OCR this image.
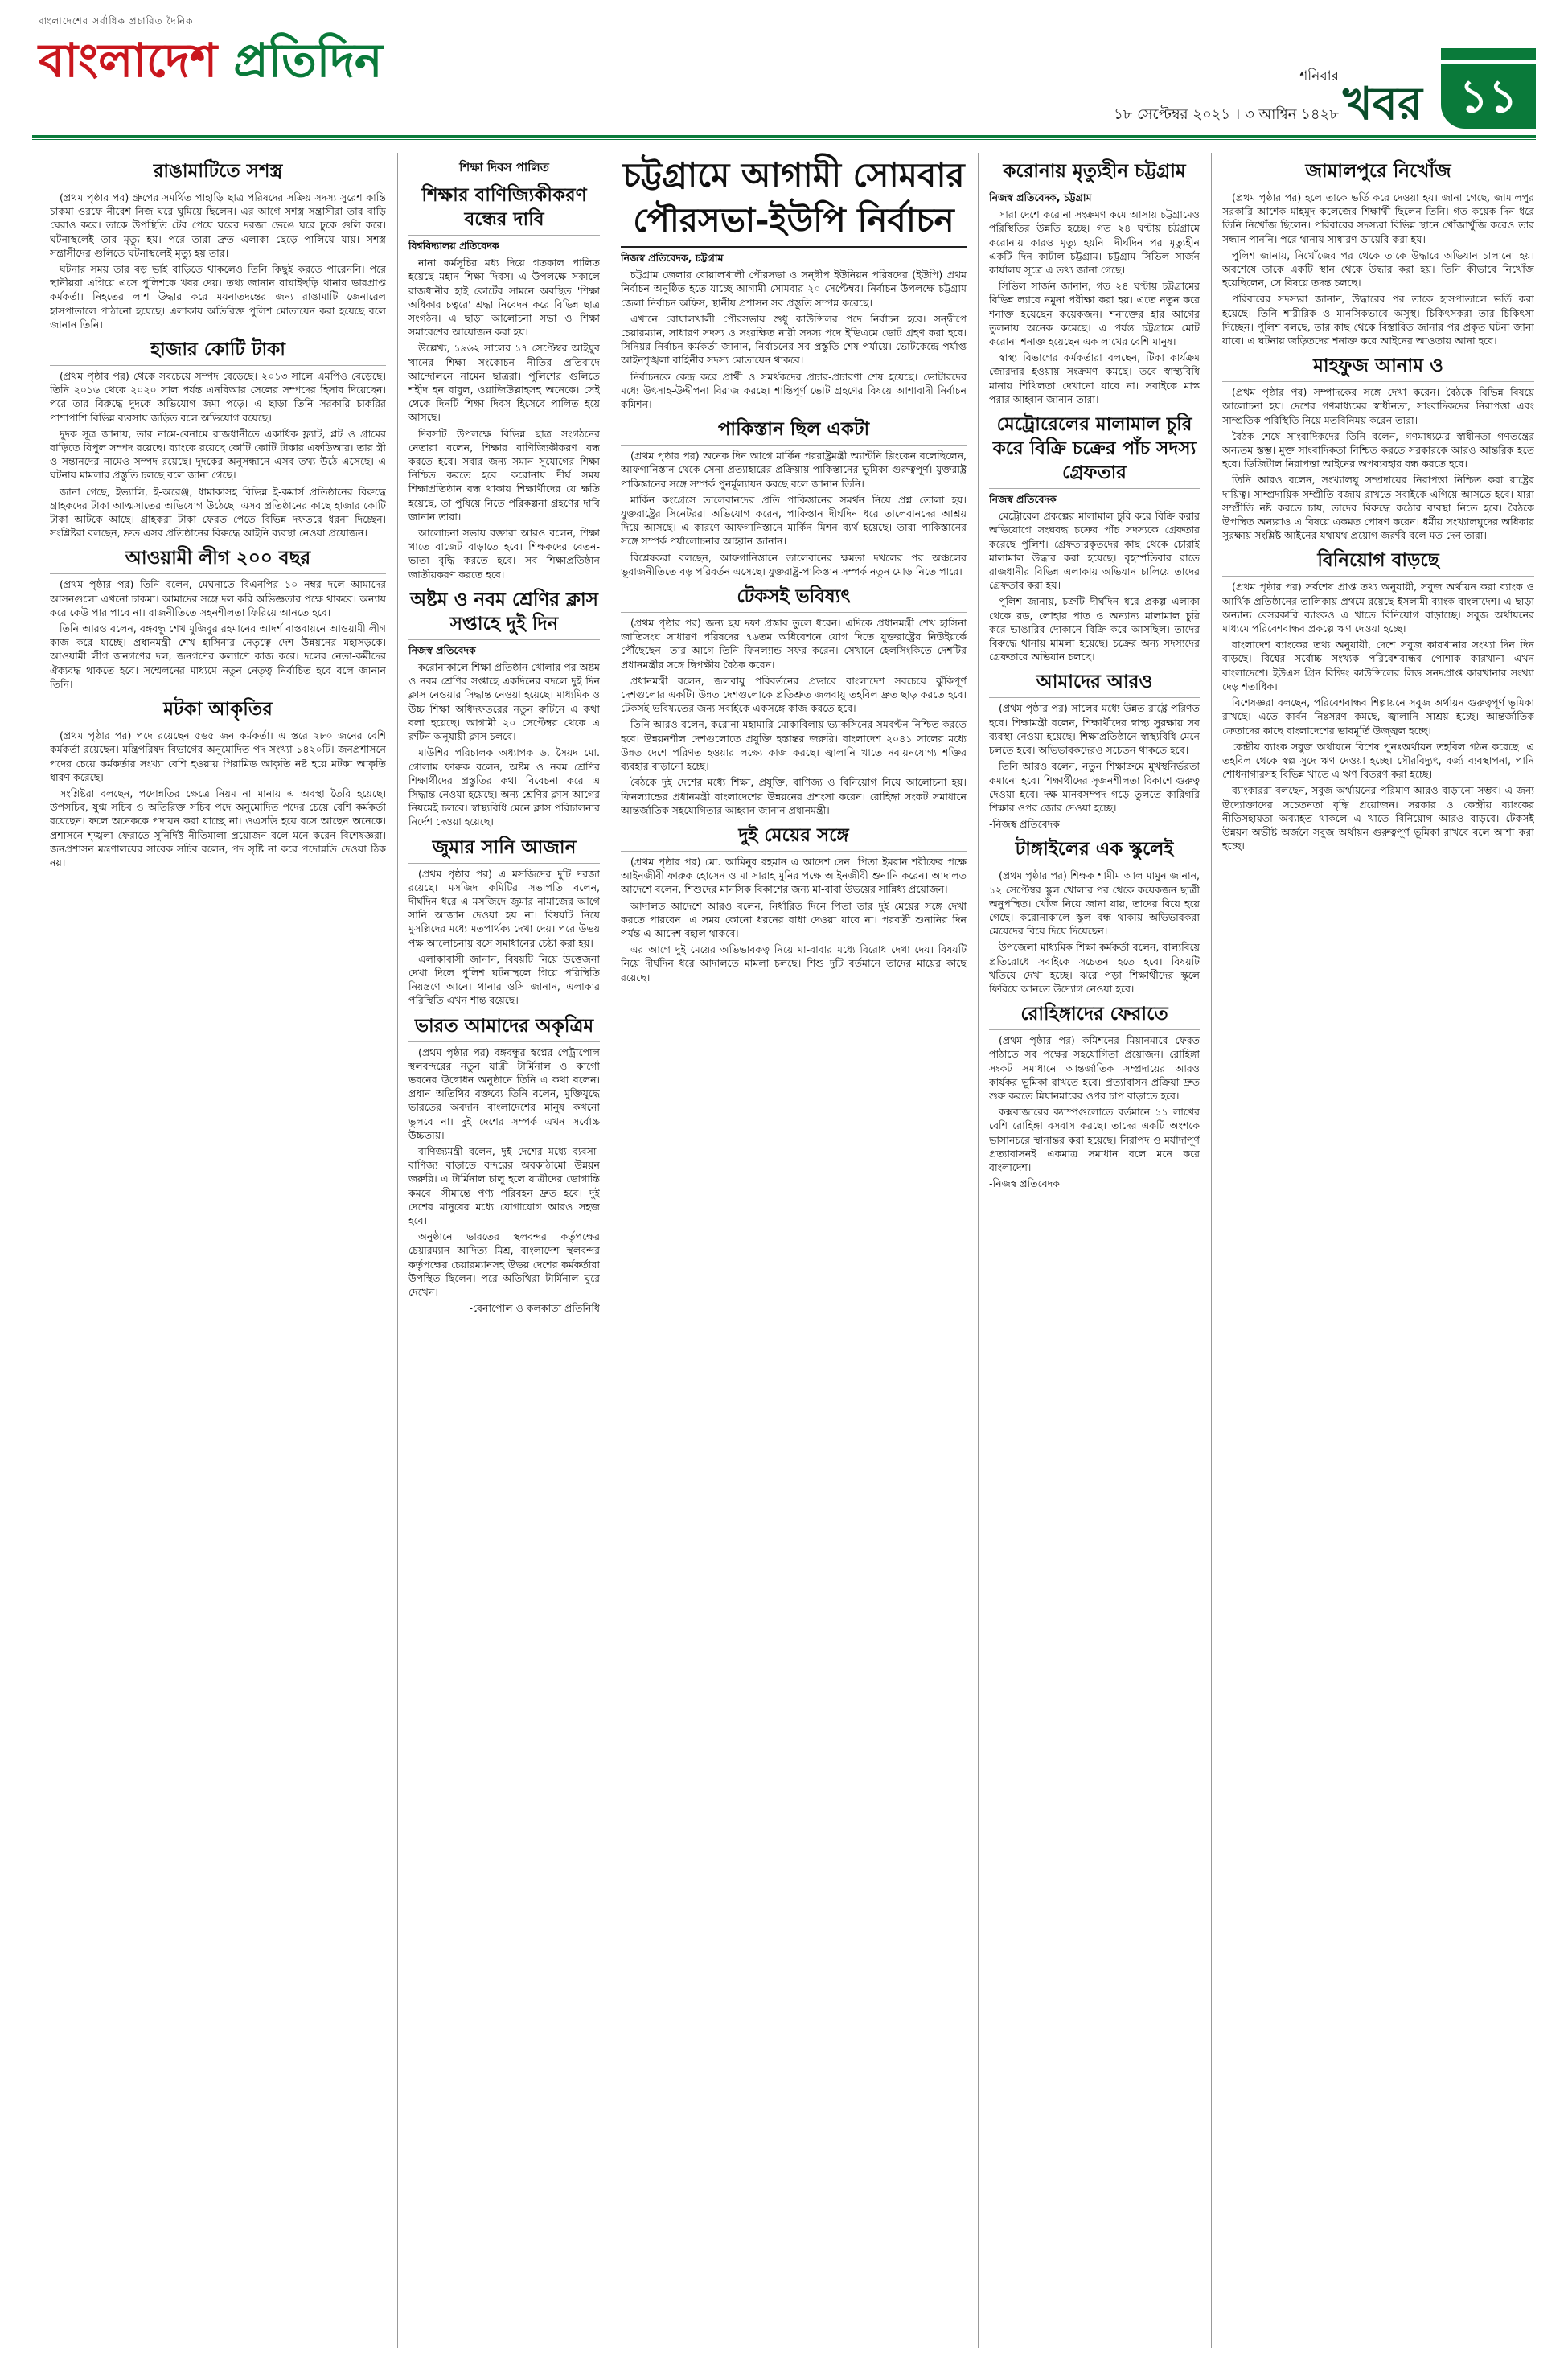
বাংলাদেশের সর্বাধিক প্রচারিত দৈনিক
বাংলাদেশ প্রতিদিন	শনিবার
১৮ সেপ্টেম্বর ২০২১ । ৩ আশ্বিন ১৪২৮ খবর ১১
রাঙামাটিতে সশস্ত্র

(প্রথম পৃষ্ঠার পর) গ্রুপের সমর্থিত পাহাড়ি ছাত্র পরিষদের সক্রিয় সদস্য সুরেশ কান্তি চাকমা ওরফে নীরেশ নিজ ঘরে ঘুমিয়ে ছিলেন। এর আগে সশস্ত্র সন্ত্রাসীরা তার বাড়ি ঘেরাও করে। তাকে উপস্থিতি টের পেয়ে ঘরের দরজা ভেঙে ঘরে ঢুকে গুলি করে। ঘটনাস্থলেই তার মৃত্যু হয়। পরে তারা দ্রুত এলাকা ছেড়ে পালিয়ে যায়। সশস্ত্র সন্ত্রাসীদের গুলিতে ঘটনাস্থলেই মৃত্যু হয় তার।

ঘটনার সময় তার বড় ভাই বাড়িতে থাকলেও তিনি কিছুই করতে পারেননি। পরে স্থানীয়রা এগিয়ে এসে পুলিশকে খবর দেয়। তথ্য জানান বাঘাইছড়ি থানার ভারপ্রাপ্ত কর্মকর্তা। নিহতের লাশ উদ্ধার করে ময়নাতদন্তের জন্য রাঙামাটি জেনারেল হাসপাতালে পাঠানো হয়েছে। এলাকায় অতিরিক্ত পুলিশ মোতায়েন করা হয়েছে বলে জানান তিনি।

হাজার কোটি টাকা

(প্রথম পৃষ্ঠার পর) থেকে সবচেয়ে সম্পদ বেড়েছে। ২০১৩ সালে এমপিও বেড়েছে। তিনি ২০১৬ থেকে ২০২০ সাল পর্যন্ত এনবিআর সেলের সম্পদের হিসাব দিয়েছেন। পরে তার বিরুদ্ধে দুদকে অভিযোগ জমা পড়ে। এ ছাড়া তিনি সরকারি চাকরির পাশাপাশি বিভিন্ন ব্যবসায় জড়িত বলে অভিযোগ রয়েছে।

দুদক সূত্র জানায়, তার নামে-বেনামে রাজধানীতে একাধিক ফ্ল্যাট, প্লট ও গ্রামের বাড়িতে বিপুল সম্পদ রয়েছে। ব্যাংকে রয়েছে কোটি কোটি টাকার এফডিআর। তার স্ত্রী ও সন্তানদের নামেও সম্পদ রয়েছে। দুদকের অনুসন্ধানে এসব তথ্য উঠে এসেছে। এ ঘটনায় মামলার প্রস্তুতি চলছে বলে জানা গেছে।

জানা গেছে, ইভ্যালি, ই-অরেঞ্জ, ধামাকাসহ বিভিন্ন ই-কমার্স প্রতিষ্ঠানের বিরুদ্ধে গ্রাহকদের টাকা আত্মসাতের অভিযোগ উঠেছে। এসব প্রতিষ্ঠানের কাছে হাজার কোটি টাকা আটকে আছে। গ্রাহকরা টাকা ফেরত পেতে বিভিন্ন দফতরে ধরনা দিচ্ছেন। সংশ্লিষ্টরা বলছেন, দ্রুত এসব প্রতিষ্ঠানের বিরুদ্ধে আইনি ব্যবস্থা নেওয়া প্রয়োজন।

আওয়ামী লীগ ২০০ বছর

(প্রথম পৃষ্ঠার পর) তিনি বলেন, মেঘনাতে বিএনপির ১০ নম্বর দলে আমাদের আসনগুলো এখনো চাকমা। আমাদের সঙ্গে দল করি অভিজ্ঞতার পক্ষে থাকবে। অন্যায় করে কেউ পার পাবে না। রাজনীতিতে সহনশীলতা ফিরিয়ে আনতে হবে।

তিনি আরও বলেন, বঙ্গবন্ধু শেখ মুজিবুর রহমানের আদর্শ বাস্তবায়নে আওয়ামী লীগ কাজ করে যাচ্ছে। প্রধানমন্ত্রী শেখ হাসিনার নেতৃত্বে দেশ উন্নয়নের মহাসড়কে। আওয়ামী লীগ জনগণের দল, জনগণের কল্যাণে কাজ করে। দলের নেতা-কর্মীদের ঐক্যবদ্ধ থাকতে হবে। সম্মেলনের মাধ্যমে নতুন নেতৃত্ব নির্বাচিত হবে বলে জানান তিনি।

মটকা আকৃতির

(প্রথম পৃষ্ঠার পর) পদে রয়েছেন ৫৬৫ জন কর্মকর্তা। এ স্তরে ২৮০ জনের বেশি কর্মকর্তা রয়েছেন। মন্ত্রিপরিষদ বিভাগের অনুমোদিত পদ সংখ্যা ১৪২০টি। জনপ্রশাসনে পদের চেয়ে কর্মকর্তার সংখ্যা বেশি হওয়ায় পিরামিড আকৃতি নষ্ট হয়ে মটকা আকৃতি ধারণ করেছে।

সংশ্লিষ্টরা বলছেন, পদোন্নতির ক্ষেত্রে নিয়ম না মানায় এ অবস্থা তৈরি হয়েছে। উপসচিব, যুগ্ম সচিব ও অতিরিক্ত সচিব পদে অনুমোদিত পদের চেয়ে বেশি কর্মকর্তা রয়েছেন। ফলে অনেককে পদায়ন করা যাচ্ছে না। ওএসডি হয়ে বসে আছেন অনেকে। প্রশাসনে শৃঙ্খলা ফেরাতে সুনির্দিষ্ট নীতিমালা প্রয়োজন বলে মনে করেন বিশেষজ্ঞরা। জনপ্রশাসন মন্ত্রণালয়ের সাবেক সচিব বলেন, পদ সৃষ্টি না করে পদোন্নতি দেওয়া ঠিক নয়।

শিক্ষা দিবস পালিত
শিক্ষার বাণিজ্যিকীকরণ বন্ধের দাবি
বিশ্ববিদ্যালয় প্রতিবেদক

নানা কর্মসূচির মধ্য দিয়ে গতকাল পালিত হয়েছে মহান শিক্ষা দিবস। এ উপলক্ষে সকালে রাজধানীর হাই কোর্টের সামনে অবস্থিত 'শিক্ষা অধিকার চত্বরে' শ্রদ্ধা নিবেদন করে বিভিন্ন ছাত্র সংগঠন। এ ছাড়া আলোচনা সভা ও শিক্ষা সমাবেশের আয়োজন করা হয়।

উল্লেখ্য, ১৯৬২ সালের ১৭ সেপ্টেম্বর আইয়ুব খানের শিক্ষা সংকোচন নীতির প্রতিবাদে আন্দোলনে নামেন ছাত্ররা। পুলিশের গুলিতে শহীদ হন বাবুল, ওয়াজিউল্লাহসহ অনেকে। সেই থেকে দিনটি শিক্ষা দিবস হিসেবে পালিত হয়ে আসছে।

দিবসটি উপলক্ষে বিভিন্ন ছাত্র সংগঠনের নেতারা বলেন, শিক্ষার বাণিজ্যিকীকরণ বন্ধ করতে হবে। সবার জন্য সমান সুযোগের শিক্ষা নিশ্চিত করতে হবে। করোনায় দীর্ঘ সময় শিক্ষাপ্রতিষ্ঠান বন্ধ থাকায় শিক্ষার্থীদের যে ক্ষতি হয়েছে, তা পুষিয়ে নিতে পরিকল্পনা গ্রহণের দাবি জানান তারা।

আলোচনা সভায় বক্তারা আরও বলেন, শিক্ষা খাতে বাজেট বাড়াতে হবে। শিক্ষকদের বেতন-ভাতা বৃদ্ধি করতে হবে। সব শিক্ষাপ্রতিষ্ঠান জাতীয়করণ করতে হবে।

অষ্টম ও নবম শ্রেণির ক্লাস সপ্তাহে দুই দিন
নিজস্ব প্রতিবেদক

করোনাকালে শিক্ষা প্রতিষ্ঠান খোলার পর অষ্টম ও নবম শ্রেণির সপ্তাহে একদিনের বদলে দুই দিন ক্লাস নেওয়ার সিদ্ধান্ত নেওয়া হয়েছে। মাধ্যমিক ও উচ্চ শিক্ষা অধিদফতরের নতুন রুটিনে এ কথা বলা হয়েছে। আগামী ২০ সেপ্টেম্বর থেকে এ রুটিন অনুযায়ী ক্লাস চলবে।

মাউশির পরিচালক অধ্যাপক ড. সৈয়দ মো. গোলাম ফারুক বলেন, অষ্টম ও নবম শ্রেণির শিক্ষার্থীদের প্রস্তুতির কথা বিবেচনা করে এ সিদ্ধান্ত নেওয়া হয়েছে। অন্য শ্রেণির ক্লাস আগের নিয়মেই চলবে। স্বাস্থ্যবিধি মেনে ক্লাস পরিচালনার নির্দেশ দেওয়া হয়েছে।

জুমার সানি আজান

(প্রথম পৃষ্ঠার পর) এ মসজিদের দুটি দরজা রয়েছে। মসজিদ কমিটির সভাপতি বলেন, দীর্ঘদিন ধরে এ মসজিদে জুমার নামাজের আগে সানি আজান দেওয়া হয় না। বিষয়টি নিয়ে মুসল্লিদের মধ্যে মতপার্থক্য দেখা দেয়। পরে উভয় পক্ষ আলোচনায় বসে সমাধানের চেষ্টা করা হয়।

এলাকাবাসী জানান, বিষয়টি নিয়ে উত্তেজনা দেখা দিলে পুলিশ ঘটনাস্থলে গিয়ে পরিস্থিতি নিয়ন্ত্রণে আনে। থানার ওসি জানান, এলাকার পরিস্থিতি এখন শান্ত রয়েছে।

ভারত আমাদের অকৃত্রিম

(প্রথম পৃষ্ঠার পর) বঙ্গবন্ধুর স্বপ্নের পেট্রাপোল স্থলবন্দরের নতুন যাত্রী টার্মিনাল ও কার্গো ভবনের উদ্বোধন অনুষ্ঠানে তিনি এ কথা বলেন। প্রধান অতিথির বক্তব্যে তিনি বলেন, মুক্তিযুদ্ধে ভারতের অবদান বাংলাদেশের মানুষ কখনো ভুলবে না। দুই দেশের সম্পর্ক এখন সর্বোচ্চ উচ্চতায়।

বাণিজ্যমন্ত্রী বলেন, দুই দেশের মধ্যে ব্যবসা-বাণিজ্য বাড়াতে বন্দরের অবকাঠামো উন্নয়ন জরুরি। এ টার্মিনাল চালু হলে যাত্রীদের ভোগান্তি কমবে। সীমান্তে পণ্য পরিবহন দ্রুত হবে। দুই দেশের মানুষের মধ্যে যোগাযোগ আরও সহজ হবে।

অনুষ্ঠানে ভারতের স্থলবন্দর কর্তৃপক্ষের চেয়ারম্যান আদিত্য মিশ্র, বাংলাদেশ স্থলবন্দর কর্তৃপক্ষের চেয়ারম্যানসহ উভয় দেশের কর্মকর্তারা উপস্থিত ছিলেন। পরে অতিথিরা টার্মিনাল ঘুরে দেখেন।

-বেনাপোল ও কলকাতা প্রতিনিধি

চট্টগ্রামে আগামী সোমবার পৌরসভা-ইউপি নির্বাচন
নিজস্ব প্রতিবেদক, চট্টগ্রাম

চট্টগ্রাম জেলার বোয়ালখালী পৌরসভা ও সন্দ্বীপ ইউনিয়ন পরিষদের (ইউপি) প্রথম নির্বাচন অনুষ্ঠিত হতে যাচ্ছে আগামী সোমবার ২০ সেপ্টেম্বর। নির্বাচন উপলক্ষে চট্টগ্রাম জেলা নির্বাচন অফিস, স্থানীয় প্রশাসন সব প্রস্তুতি সম্পন্ন করেছে।

এখানে বোয়ালখালী পৌরসভায় শুধু কাউন্সিলর পদে নির্বাচন হবে। সন্দ্বীপে চেয়ারম্যান, সাধারণ সদস্য ও সংরক্ষিত নারী সদস্য পদে ইভিএমে ভোট গ্রহণ করা হবে। সিনিয়র নির্বাচন কর্মকর্তা জানান, নির্বাচনের সব প্রস্তুতি শেষ পর্যায়ে। ভোটকেন্দ্রে পর্যাপ্ত আইনশৃঙ্খলা বাহিনীর সদস্য মোতায়েন থাকবে।

নির্বাচনকে কেন্দ্র করে প্রার্থী ও সমর্থকদের প্রচার-প্রচারণা শেষ হয়েছে। ভোটারদের মধ্যে উৎসাহ-উদ্দীপনা বিরাজ করছে। শান্তিপূর্ণ ভোট গ্রহণের বিষয়ে আশাবাদী নির্বাচন কমিশন।

পাকিস্তান ছিল একটা

(প্রথম পৃষ্ঠার পর) অনেক দিন আগে মার্কিন পররাষ্ট্রমন্ত্রী অ্যান্টনি ব্লিংকেন বলেছিলেন, আফগানিস্তান থেকে সেনা প্রত্যাহারের প্রক্রিয়ায় পাকিস্তানের ভূমিকা গুরুত্বপূর্ণ। যুক্তরাষ্ট্র পাকিস্তানের সঙ্গে সম্পর্ক পুনর্মূল্যায়ন করছে বলে জানান তিনি।

মার্কিন কংগ্রেসে তালেবানদের প্রতি পাকিস্তানের সমর্থন নিয়ে প্রশ্ন তোলা হয়। যুক্তরাষ্ট্রের সিনেটররা অভিযোগ করেন, পাকিস্তান দীর্ঘদিন ধরে তালেবানদের আশ্রয় দিয়ে আসছে। এ কারণে আফগানিস্তানে মার্কিন মিশন ব্যর্থ হয়েছে। তারা পাকিস্তানের সঙ্গে সম্পর্ক পর্যালোচনার আহ্বান জানান।

বিশ্লেষকরা বলছেন, আফগানিস্তানে তালেবানের ক্ষমতা দখলের পর অঞ্চলের ভূরাজনীতিতে বড় পরিবর্তন এসেছে। যুক্তরাষ্ট্র-পাকিস্তান সম্পর্ক নতুন মোড় নিতে পারে।

টেকসই ভবিষ্যৎ

(প্রথম পৃষ্ঠার পর) জন্য ছয় দফা প্রস্তাব তুলে ধরেন। এদিকে প্রধানমন্ত্রী শেখ হাসিনা জাতিসংঘ সাধারণ পরিষদের ৭৬তম অধিবেশনে যোগ দিতে যুক্তরাষ্ট্রের নিউইয়র্কে পৌঁছেছেন। তার আগে তিনি ফিনল্যান্ড সফর করেন। সেখানে হেলসিংকিতে দেশটির প্রধানমন্ত্রীর সঙ্গে দ্বিপক্ষীয় বৈঠক করেন।

প্রধানমন্ত্রী বলেন, জলবায়ু পরিবর্তনের প্রভাবে বাংলাদেশ সবচেয়ে ঝুঁকিপূর্ণ দেশগুলোর একটি। উন্নত দেশগুলোকে প্রতিশ্রুত জলবায়ু তহবিল দ্রুত ছাড় করতে হবে। টেকসই ভবিষ্যতের জন্য সবাইকে একসঙ্গে কাজ করতে হবে।

তিনি আরও বলেন, করোনা মহামারি মোকাবিলায় ভ্যাকসিনের সমবণ্টন নিশ্চিত করতে হবে। উন্নয়নশীল দেশগুলোতে প্রযুক্তি হস্তান্তর জরুরি। বাংলাদেশ ২০৪১ সালের মধ্যে উন্নত দেশে পরিণত হওয়ার লক্ষ্যে কাজ করছে। জ্বালানি খাতে নবায়নযোগ্য শক্তির ব্যবহার বাড়ানো হচ্ছে।

বৈঠকে দুই দেশের মধ্যে শিক্ষা, প্রযুক্তি, বাণিজ্য ও বিনিয়োগ নিয়ে আলোচনা হয়। ফিনল্যান্ডের প্রধানমন্ত্রী বাংলাদেশের উন্নয়নের প্রশংসা করেন। রোহিঙ্গা সংকট সমাধানে আন্তর্জাতিক সহযোগিতার আহ্বান জানান প্রধানমন্ত্রী।

দুই মেয়ের সঙ্গে

(প্রথম পৃষ্ঠার পর) মো. আমিনুর রহমান এ আদেশ দেন। পিতা ইমরান শরীফের পক্ষে আইনজীবী ফারুক হোসেন ও মা সারাহ মুনির পক্ষে আইনজীবী শুনানি করেন। আদালত আদেশে বলেন, শিশুদের মানসিক বিকাশের জন্য মা-বাবা উভয়ের সান্নিধ্য প্রয়োজন।

আদালত আদেশে আরও বলেন, নির্ধারিত দিনে পিতা তার দুই মেয়ের সঙ্গে দেখা করতে পারবেন। এ সময় কোনো ধরনের বাধা দেওয়া যাবে না। পরবর্তী শুনানির দিন পর্যন্ত এ আদেশ বহাল থাকবে।

এর আগে দুই মেয়ের অভিভাবকত্ব নিয়ে মা-বাবার মধ্যে বিরোধ দেখা দেয়। বিষয়টি নিয়ে দীর্ঘদিন ধরে আদালতে মামলা চলছে। শিশু দুটি বর্তমানে তাদের মায়ের কাছে রয়েছে।

করোনায় মৃত্যুহীন চট্টগ্রাম
নিজস্ব প্রতিবেদক, চট্টগ্রাম

সারা দেশে করোনা সংক্রমণ কমে আসায় চট্টগ্রামেও পরিস্থিতির উন্নতি হচ্ছে। গত ২৪ ঘণ্টায় চট্টগ্রামে করোনায় কারও মৃত্যু হয়নি। দীর্ঘদিন পর মৃত্যুহীন একটি দিন কাটাল চট্টগ্রাম। চট্টগ্রাম সিভিল সার্জন কার্যালয় সূত্রে এ তথ্য জানা গেছে।

সিভিল সার্জন জানান, গত ২৪ ঘণ্টায় চট্টগ্রামের বিভিন্ন ল্যাবে নমুনা পরীক্ষা করা হয়। এতে নতুন করে শনাক্ত হয়েছেন কয়েকজন। শনাক্তের হার আগের তুলনায় অনেক কমেছে। এ পর্যন্ত চট্টগ্রামে মোট করোনা শনাক্ত হয়েছেন এক লাখের বেশি মানুষ।

স্বাস্থ্য বিভাগের কর্মকর্তারা বলছেন, টিকা কার্যক্রম জোরদার হওয়ায় সংক্রমণ কমছে। তবে স্বাস্থ্যবিধি মানায় শিথিলতা দেখানো যাবে না। সবাইকে মাস্ক পরার আহ্বান জানান তারা।

মেট্রোরেলের মালামাল চুরি করে বিক্রি চক্রের পাঁচ সদস্য গ্রেফতার
নিজস্ব প্রতিবেদক

মেট্রোরেল প্রকল্পের মালামাল চুরি করে বিক্রি করার অভিযোগে সংঘবদ্ধ চক্রের পাঁচ সদস্যকে গ্রেফতার করেছে পুলিশ। গ্রেফতারকৃতদের কাছ থেকে চোরাই মালামাল উদ্ধার করা হয়েছে। বৃহস্পতিবার রাতে রাজধানীর বিভিন্ন এলাকায় অভিযান চালিয়ে তাদের গ্রেফতার করা হয়।

পুলিশ জানায়, চক্রটি দীর্ঘদিন ধরে প্রকল্প এলাকা থেকে রড, লোহার পাত ও অন্যান্য মালামাল চুরি করে ভাঙারির দোকানে বিক্রি করে আসছিল। তাদের বিরুদ্ধে থানায় মামলা হয়েছে। চক্রের অন্য সদস্যদের গ্রেফতারে অভিযান চলছে।

আমাদের আরও

(প্রথম পৃষ্ঠার পর) সালের মধ্যে উন্নত রাষ্ট্রে পরিণত হবে। শিক্ষামন্ত্রী বলেন, শিক্ষার্থীদের স্বাস্থ্য সুরক্ষায় সব ব্যবস্থা নেওয়া হয়েছে। শিক্ষাপ্রতিষ্ঠানে স্বাস্থ্যবিধি মেনে চলতে হবে। অভিভাবকদেরও সচেতন থাকতে হবে।

তিনি আরও বলেন, নতুন শিক্ষাক্রমে মুখস্থনির্ভরতা কমানো হবে। শিক্ষার্থীদের সৃজনশীলতা বিকাশে গুরুত্ব দেওয়া হবে। দক্ষ মানবসম্পদ গড়ে তুলতে কারিগরি শিক্ষার ওপর জোর দেওয়া হচ্ছে।

-নিজস্ব প্রতিবেদক

টাঙ্গাইলের এক স্কুলেই

(প্রথম পৃষ্ঠার পর) শিক্ষক শামীম আল মামুন জানান, ১২ সেপ্টেম্বর স্কুল খোলার পর থেকে কয়েকজন ছাত্রী অনুপস্থিত। খোঁজ নিয়ে জানা যায়, তাদের বিয়ে হয়ে গেছে। করোনাকালে স্কুল বন্ধ থাকায় অভিভাবকরা মেয়েদের বিয়ে দিয়ে দিয়েছেন।

উপজেলা মাধ্যমিক শিক্ষা কর্মকর্তা বলেন, বাল্যবিয়ে প্রতিরোধে সবাইকে সচেতন হতে হবে। বিষয়টি খতিয়ে দেখা হচ্ছে। ঝরে পড়া শিক্ষার্থীদের স্কুলে ফিরিয়ে আনতে উদ্যোগ নেওয়া হবে।

রোহিঙ্গাদের ফেরাতে

(প্রথম পৃষ্ঠার পর) কমিশনের মিয়ানমারে ফেরত পাঠাতে সব পক্ষের সহযোগিতা প্রয়োজন। রোহিঙ্গা সংকট সমাধানে আন্তর্জাতিক সম্প্রদায়ের আরও কার্যকর ভূমিকা রাখতে হবে। প্রত্যাবাসন প্রক্রিয়া দ্রুত শুরু করতে মিয়ানমারের ওপর চাপ বাড়াতে হবে।

কক্সবাজারের ক্যাম্পগুলোতে বর্তমানে ১১ লাখের বেশি রোহিঙ্গা বসবাস করছে। তাদের একটি অংশকে ভাসানচরে স্থানান্তর করা হয়েছে। নিরাপদ ও মর্যাদাপূর্ণ প্রত্যাবাসনই একমাত্র সমাধান বলে মনে করে বাংলাদেশ।

-নিজস্ব প্রতিবেদক

জামালপুরে নিখোঁজ

(প্রথম পৃষ্ঠার পর) হলে তাকে ভর্তি করে দেওয়া হয়। জানা গেছে, জামালপুর সরকারি আশেক মাহমুদ কলেজের শিক্ষার্থী ছিলেন তিনি। গত কয়েক দিন ধরে তিনি নিখোঁজ ছিলেন। পরিবারের সদস্যরা বিভিন্ন স্থানে খোঁজাখুঁজি করেও তার সন্ধান পাননি। পরে থানায় সাধারণ ডায়েরি করা হয়।

পুলিশ জানায়, নিখোঁজের পর থেকে তাকে উদ্ধারে অভিযান চালানো হয়। অবশেষে তাকে একটি স্থান থেকে উদ্ধার করা হয়। তিনি কীভাবে নিখোঁজ হয়েছিলেন, সে বিষয়ে তদন্ত চলছে।

পরিবারের সদস্যরা জানান, উদ্ধারের পর তাকে হাসপাতালে ভর্তি করা হয়েছে। তিনি শারীরিক ও মানসিকভাবে অসুস্থ। চিকিৎসকরা তার চিকিৎসা দিচ্ছেন। পুলিশ বলছে, তার কাছ থেকে বিস্তারিত জানার পর প্রকৃত ঘটনা জানা যাবে। এ ঘটনায় জড়িতদের শনাক্ত করে আইনের আওতায় আনা হবে।

মাহফুজ আনাম ও

(প্রথম পৃষ্ঠার পর) সম্পাদকের সঙ্গে দেখা করেন। বৈঠকে বিভিন্ন বিষয়ে আলোচনা হয়। দেশের গণমাধ্যমের স্বাধীনতা, সাংবাদিকদের নিরাপত্তা এবং সাম্প্রতিক পরিস্থিতি নিয়ে মতবিনিময় করেন তারা।

বৈঠক শেষে সাংবাদিকদের তিনি বলেন, গণমাধ্যমের স্বাধীনতা গণতন্ত্রের অন্যতম স্তম্ভ। মুক্ত সাংবাদিকতা নিশ্চিত করতে সরকারকে আরও আন্তরিক হতে হবে। ডিজিটাল নিরাপত্তা আইনের অপব্যবহার বন্ধ করতে হবে।

তিনি আরও বলেন, সংখ্যালঘু সম্প্রদায়ের নিরাপত্তা নিশ্চিত করা রাষ্ট্রের দায়িত্ব। সাম্প্রদায়িক সম্প্রীতি বজায় রাখতে সবাইকে এগিয়ে আসতে হবে। যারা সম্প্রীতি নষ্ট করতে চায়, তাদের বিরুদ্ধে কঠোর ব্যবস্থা নিতে হবে। বৈঠকে উপস্থিত অন্যরাও এ বিষয়ে একমত পোষণ করেন। ধর্মীয় সংখ্যালঘুদের অধিকার সুরক্ষায় সংশ্লিষ্ট আইনের যথাযথ প্রয়োগ জরুরি বলে মত দেন তারা।

বিনিয়োগ বাড়ছে

(প্রথম পৃষ্ঠার পর) সর্বশেষ প্রাপ্ত তথ্য অনুযায়ী, সবুজ অর্থায়ন করা ব্যাংক ও আর্থিক প্রতিষ্ঠানের তালিকায় প্রথমে রয়েছে ইসলামী ব্যাংক বাংলাদেশ। এ ছাড়া অন্যান্য বেসরকারি ব্যাংকও এ খাতে বিনিয়োগ বাড়াচ্ছে। সবুজ অর্থায়নের মাধ্যমে পরিবেশবান্ধব প্রকল্পে ঋণ দেওয়া হচ্ছে।

বাংলাদেশ ব্যাংকের তথ্য অনুযায়ী, দেশে সবুজ কারখানার সংখ্যা দিন দিন বাড়ছে। বিশ্বের সর্বোচ্চ সংখ্যক পরিবেশবান্ধব পোশাক কারখানা এখন বাংলাদেশে। ইউএস গ্রিন বিল্ডিং কাউন্সিলের লিড সনদপ্রাপ্ত কারখানার সংখ্যা দেড় শতাধিক।

বিশেষজ্ঞরা বলছেন, পরিবেশবান্ধব শিল্পায়নে সবুজ অর্থায়ন গুরুত্বপূর্ণ ভূমিকা রাখছে। এতে কার্বন নিঃসরণ কমছে, জ্বালানি সাশ্রয় হচ্ছে। আন্তর্জাতিক ক্রেতাদের কাছে বাংলাদেশের ভাবমূর্তি উজ্জ্বল হচ্ছে।

কেন্দ্রীয় ব্যাংক সবুজ অর্থায়নে বিশেষ পুনঃঅর্থায়ন তহবিল গঠন করেছে। এ তহবিল থেকে স্বল্প সুদে ঋণ দেওয়া হচ্ছে। সৌরবিদ্যুৎ, বর্জ্য ব্যবস্থাপনা, পানি শোধনাগারসহ বিভিন্ন খাতে এ ঋণ বিতরণ করা হচ্ছে।

ব্যাংকাররা বলছেন, সবুজ অর্থায়নের পরিমাণ আরও বাড়ানো সম্ভব। এ জন্য উদ্যোক্তাদের সচেতনতা বৃদ্ধি প্রয়োজন। সরকার ও কেন্দ্রীয় ব্যাংকের নীতিসহায়তা অব্যাহত থাকলে এ খাতে বিনিয়োগ আরও বাড়বে। টেকসই উন্নয়ন অভীষ্ট অর্জনে সবুজ অর্থায়ন গুরুত্বপূর্ণ ভূমিকা রাখবে বলে আশা করা হচ্ছে।
